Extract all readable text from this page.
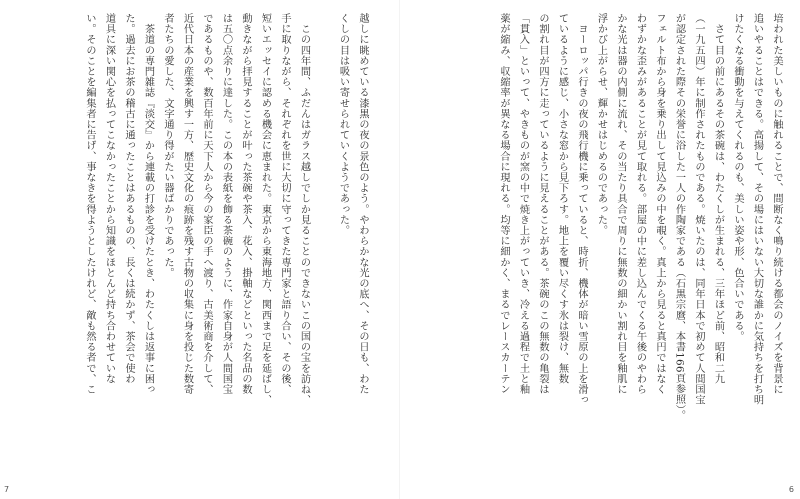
越しに眺めている漆黒の夜の景色のよう。やわらかな光の底へ、その日も、わた
くしの目は吸い寄せられていくようであった。
　この四年間、ふだんはガラス越しでしか見ることのできないこの国の宝を訪ね、
手に取りながら、それぞれを世に大切に守ってきた専門家と語り合い、その後、
短いエッセイに認める機会に恵まれた。東京から東海地方、関西まで足を延ばし、
動きながら拝見することが叶った茶碗や茶入、花入、掛軸などといった名品の数
は五〇点余りに達した。この本の表紙を飾る茶碗のように、作家自身が人間国宝
であるものや、数百年前に天下人から今の家臣の手へ渡り、古美術商を介して、
近代日本の産業を興す一方、歴史文化の痕跡を残す古物の収集に身を投じた数寄
者たちの愛した、文字通り得がたい器ばかりであった。
　茶道の専門雑誌『淡交』から連載の打診を受けたとき、わたくしは返事に困っ
た。過去にお茶の稽古に通ったことはあるものの、長くは続かず、茶会で使わ
道具に深い関心を払ってこなかったことから知識をほとんど持ち合わせていな
い。そのことを編集者に告げ、事なきを得ようとしたけれど、敵も然る者で、こ
7
培われた美しいものに触れることで、間断なく鳴り続ける都会のノイズを背景に
追いやることはできる。高揚して、その場にはいない大切な誰かに気持ちを打ち明
けたくなる衝動を与えてくれるのも、美しい姿や形、色合いである。
　さて目の前にあるその茶碗は、わたくしが生まれる、三年ほど前、昭和二九
（一九五四）年に制作されたものである。焼いたのは、同年日本で初めて人間国宝
が認定された際その栄誉に浴した一人の作陶家である（石黒宗麿、本書166頁参照）。
フェルト布から身を乗り出して見込みの中を覗く。真上から見ると真円ではなく
わずかな歪みがあることが見て取れる。部屋の中に差し込んでくる午後のやわら
かな光は器の内側に流れ、その当たり具合で周りに無数の細かい割れ目を釉肌に
浮かび上がらせ、輝かせはじめるのであった。
　ヨーロッパ行きの夜の飛行機に乗っていると、時折、機体が暗い雪原の上を滑っ
ているように感じ、小さな窓から見下ろす。地上を覆い尽くす氷は裂け、無数
の割れ目が四方に走っているように見えることがある。茶碗のこの無数の亀裂は
「貫入」といって、やきものが窯の中で焼き上がっていき、冷える過程で土と釉
薬が縮み、収縮率が異なる場合に現れる。均等に細かく、まるでレースカーテン
6
